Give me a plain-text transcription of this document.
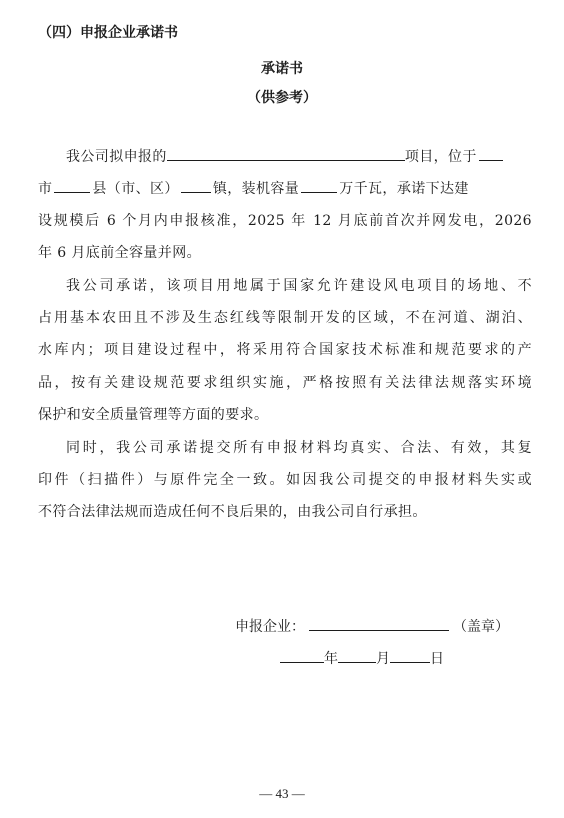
（四）申报企业承诺书
承诺书
（供参考）
我公司拟申报的	项目，位于
市	县（市、区） 镇，装机容量	万千瓦，承诺下达建
设规模后 6 个月内申报核准，2025 年 12 月底前首次并网发电，2026
年 6 月底前全容量并网。
我公司承诺，该项目用地属于国家允许建设风电项目的场地、不
占用基本农田且不涉及生态红线等限制开发的区域，不在河道、湖泊、
水库内；项目建设过程中，将采用符合国家技术标准和规范要求的产
品，按有关建设规范要求组织实施，严格按照有关法律法规落实环境
保护和安全质量管理等方面的要求。
同时，我公司承诺提交所有申报材料均真实、合法、有效，其复
印件（扫描件）与原件完全一致。如因我公司提交的申报材料失实或
不符合法律法规而造成任何不良后果的，由我公司自行承担。
申报企业：	（盖章）
年	月	日
— 43 —
